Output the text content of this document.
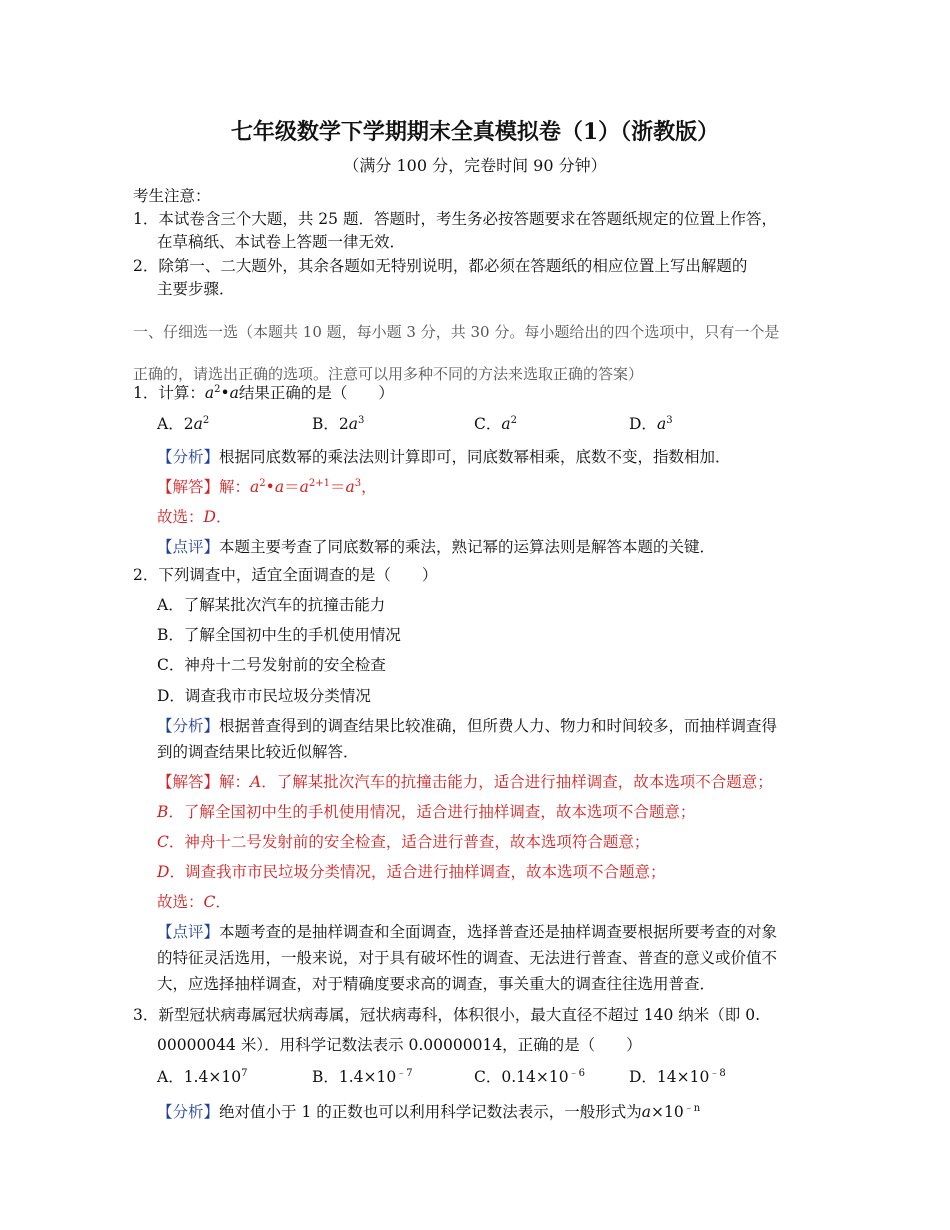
七年级数学下学期期末全真模拟卷（1）（浙教版）
（满分 100 分，完卷时间 90 分钟）
考生注意：
1．本试卷含三个大题，共 25 题．答题时，考生务必按答题要求在答题纸规定的位置上作答，
在草稿纸、本试卷上答题一律无效．
2．除第一、二大题外，其余各题如无特别说明，都必须在答题纸的相应位置上写出解题的
主要步骤．
一、仔细选一选（本题共 10 题，每小题 3 分，共 30 分。每小题给出的四个选项中，只有一个是
正确的，请选出正确的选项。注意可以用多种不同的方法来选取正确的答案）
1．计算：$a^2•a$结果正确的是（　　）
A．$2a^2$	B．$2a^3$	C．$a^2$	D．$a^3$
【分析】根据同底数幂的乘法法则计算即可，同底数幂相乘，底数不变，指数相加．
【解答】解：$a^2•a=a^{2+1}=a^3$，
故选：D．
【点评】本题主要考查了同底数幂的乘法，熟记幂的运算法则是解答本题的关键．
2．下列调查中，适宜全面调查的是（　　）
A．了解某批次汽车的抗撞击能力
B．了解全国初中生的手机使用情况
C．神舟十二号发射前的安全检查
D．调查我市市民垃圾分类情况
【分析】根据普查得到的调查结果比较准确，但所费人力、物力和时间较多，而抽样调查得
到的调查结果比较近似解答．
【解答】解：A．了解某批次汽车的抗撞击能力，适合进行抽样调查，故本选项不合题意；
B．了解全国初中生的手机使用情况，适合进行抽样调查，故本选项不合题意；
C．神舟十二号发射前的安全检查，适合进行普查，故本选项符合题意；
D．调查我市市民垃圾分类情况，适合进行抽样调查，故本选项不合题意；
故选：C．
【点评】本题考查的是抽样调查和全面调查，选择普查还是抽样调查要根据所要考查的对象
的特征灵活选用，一般来说，对于具有破坏性的调查、无法进行普查、普查的意义或价值不
大，应选择抽样调查，对于精确度要求高的调查，事关重大的调查往往选用普查．
3．新型冠状病毒属冠状病毒属，冠状病毒科，体积很小，最大直径不超过 140 纳米（即 0.
00000044 米）．用科学记数法表示 0.00000014，正确的是（　　）
A．$1.4\times 10^7$	B．$1.4\times 10^{﹣7}$	C．$0.14\times 10^{﹣6}$	D．$14\times 10^{﹣8}$
【分析】绝对值小于 1 的正数也可以利用科学记数法表示，一般形式为$a\times 10^{﹣n}$
